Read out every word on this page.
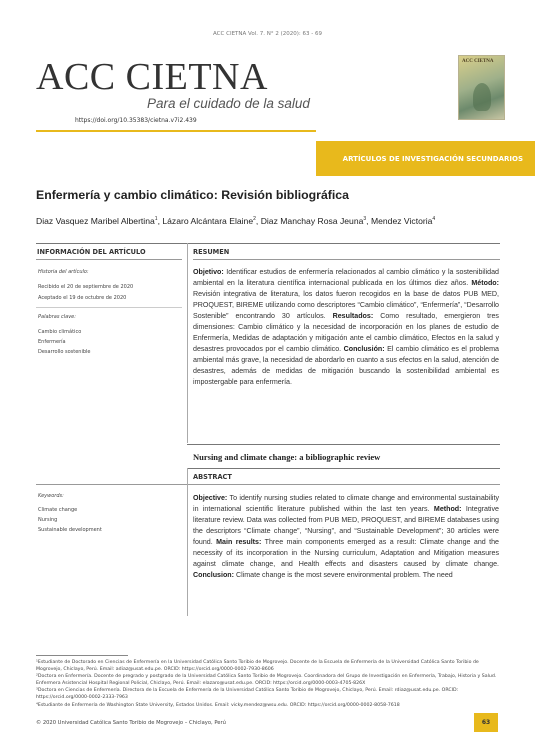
ACC CIETNA Vol. 7. N° 2 (2020): 63 - 69
ACC CIETNA
Para el cuidado de la salud
ACC CIETNA
https://doi.org/10.35383/cietna.v7i2.439
ARTÍCULOS DE INVESTIGACIÓN SECUNDARIOS
Enfermería y cambio climático: Revisión bibliográfica
Diaz Vasquez Maribel Albertina$^1$, Lázaro Alcántara Elaine$^2$, Diaz Manchay Rosa Jeuna$^3$, Mendez Victoria$^4$
INFORMACIÓN DEL ARTÍCULO	RESUMEN
Historia del artículo:
Recibido el 20 de septiembre de 2020
Aceptado el 19 de octubre de 2020
Palabras clave:
Cambio climático
Enfermería
Desarrollo sostenible
Objetivo: Identificar estudios de enfermería relacionados al cambio climático y la sostenibilidad ambiental en la literatura científica internacional publicada en los últimos diez años. Método: Revisión integrativa de literatura, los datos fueron recogidos en la base de datos PUB MED, PROQUEST, BIREME utilizando como descriptores “Cambio climático”, “Enfermería”, “Desarrollo Sostenible” encontrando 30 artículos. Resultados: Como resultado, emergieron tres dimensiones: Cambio climático y la necesidad de incorporación en los planes de estudio de Enfermería, Medidas de adaptación y mitigación ante el cambio climático, Efectos en la salud y desastres provocados por el cambio climático. Conclusión: El cambio climático es el problema ambiental más grave, la necesidad de abordarlo en cuanto a sus efectos en la salud, atención de desastres, además de medidas de mitigación buscando la sostenibilidad ambiental es impostergable para enfermería.
Nursing and climate change: a bibliographic review
ABSTRACT
Keywords:
Climate change
Nursing
Sustainable development
Objective: To identify nursing studies related to climate change and environmental sustainability in international scientific literature published within the last ten years. Method: Integrative literature review. Data was collected from PUB MED, PROQUEST, and BIREME databases using the descriptors “Climate change”, “Nursing”, and “Sustainable Development”; 30 articles were found. Main results: Three main components emerged as a result: Climate change and the necessity of its incorporation in the Nursing curriculum, Adaptation and Mitigation measures against climate change, and Health effects and disasters caused by climate change. Conclusion: Climate change is the most severe environmental problem. The need
¹Estudiante de Doctorado en Ciencias de Enfermería en la Universidad Católica Santo Toribio de Mogrovejo. Docente de la Escuela de Enfermería de la Universidad Católica Santo Toribio de Mogrovejo, Chiclayo, Perú. Email: adiaz@usat.edu.pe. ORCID: https://orcid.org/0000-0002-7930-8606
²Doctora en Enfermería. Docente de pregrado y postgrado de la Universidad Católica Santo Toribio de Mogrovejo. Coordinadora del Grupo de Investigación en Enfermería, Trabajo, Historia y Salud. Enfermera Asistencial Hospital Regional Policial, Chiclayo, Perú. Email: elazaro@usat.edu.pe. ORCID: https://orcid.org/0000-0003-4705-826X
³Doctora en Ciencias de Enfermería. Directora de la Escuela de Enfermería de la Universidad Católica Santo Toribio de Mogrovejo, Chiclayo, Perú. Email: rdiaz@usat.edu.pe. ORCID: https://orcid.org/0000-0002-2333-7963
⁴Estudiante de Enfermería de Washington State University, Estados Unidos. Email: vicky.mendez@wsu.edu. ORCID: https://orcid.org/0000-0002-8058-7618
© 2020 Universidad Católica Santo Toribio de Mogrovejo – Chiclayo, Perú	63
